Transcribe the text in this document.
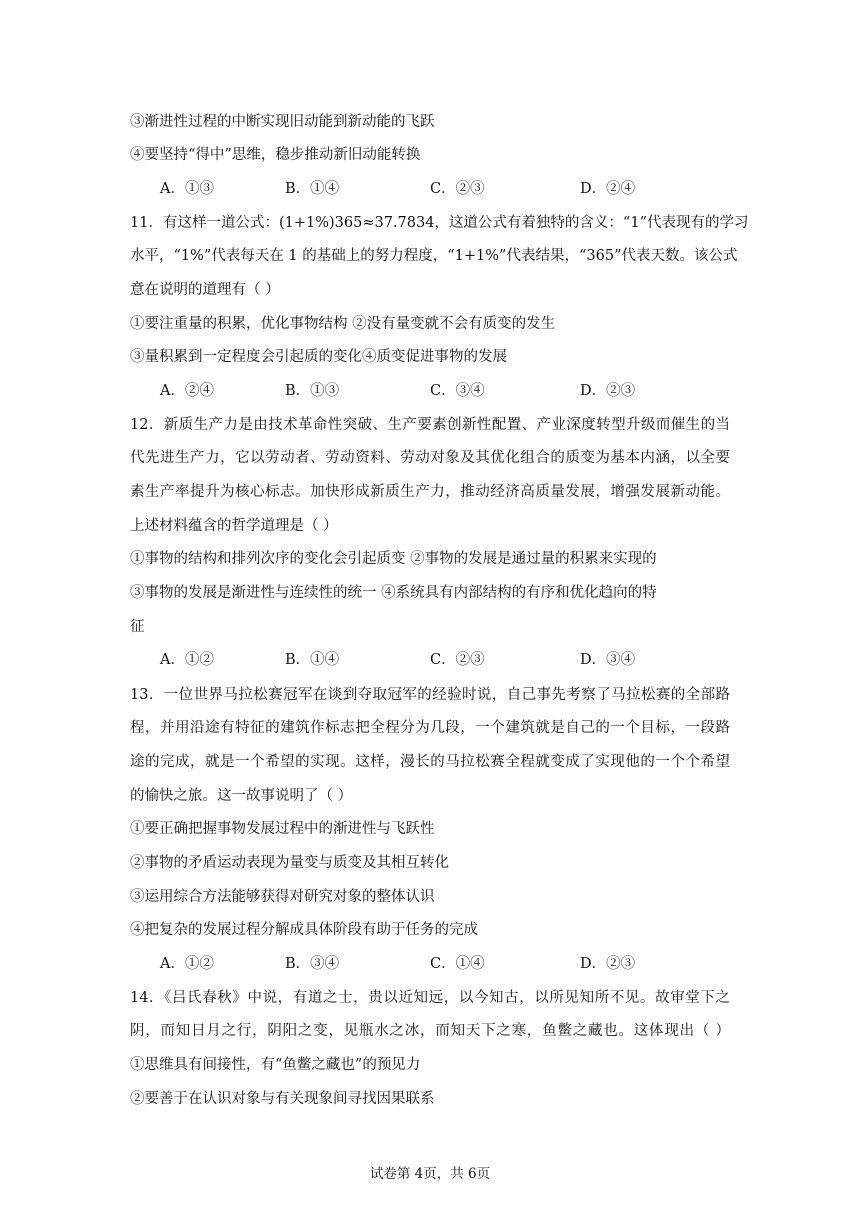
③渐进性过程的中断实现旧动能到新动能的飞跃
④要坚持“得中”思维，稳步推动新旧动能转换
A．①③	B．①④	C．②③	D．②④
11．有这样一道公式：(1+1%)365≈37.7834，这道公式有着独特的含义：“1”代表现有的学习
水平，“1%”代表每天在 1 的基础上的努力程度，“1+1%”代表结果，“365”代表天数。该公式
意在说明的道理有（ ）
①要注重量的积累，优化事物结构 ②没有量变就不会有质变的发生
③量积累到一定程度会引起质的变化④质变促进事物的发展
A．②④	B．①③	C．③④	D．②③
12．新质生产力是由技术革命性突破、生产要素创新性配置、产业深度转型升级而催生的当
代先进生产力，它以劳动者、劳动资料、劳动对象及其优化组合的质变为基本内涵，以全要
素生产率提升为核心标志。加快形成新质生产力，推动经济高质量发展，增强发展新动能。
上述材料蕴含的哲学道理是（ ）
①事物的结构和排列次序的变化会引起质变 ②事物的发展是通过量的积累来实现的
③事物的发展是渐进性与连续性的统一 ④系统具有内部结构的有序和优化趋向的特
征
A．①②	B．①④	C．②③	D．③④
13．一位世界马拉松赛冠军在谈到夺取冠军的经验时说，自己事先考察了马拉松赛的全部路
程，并用沿途有特征的建筑作标志把全程分为几段，一个建筑就是自己的一个目标，一段路
途的完成，就是一个希望的实现。这样，漫长的马拉松赛全程就变成了实现他的一个个希望
的愉快之旅。这一故事说明了（ ）
①要正确把握事物发展过程中的渐进性与飞跃性
②事物的矛盾运动表现为量变与质变及其相互转化
③运用综合方法能够获得对研究对象的整体认识
④把复杂的发展过程分解成具体阶段有助于任务的完成
A．①②	B．③④	C．①④	D．②③
14．《吕氏春秋》中说，有道之士，贵以近知远，以今知古，以所见知所不见。故审堂下之
阴，而知日月之行，阴阳之变，见瓶水之冰，而知天下之寒，鱼鳖之藏也。这体现出（ ）
①思维具有间接性，有“鱼鳖之藏也”的预见力
②要善于在认识对象与有关现象间寻找因果联系
试卷第 4页，共 6页
